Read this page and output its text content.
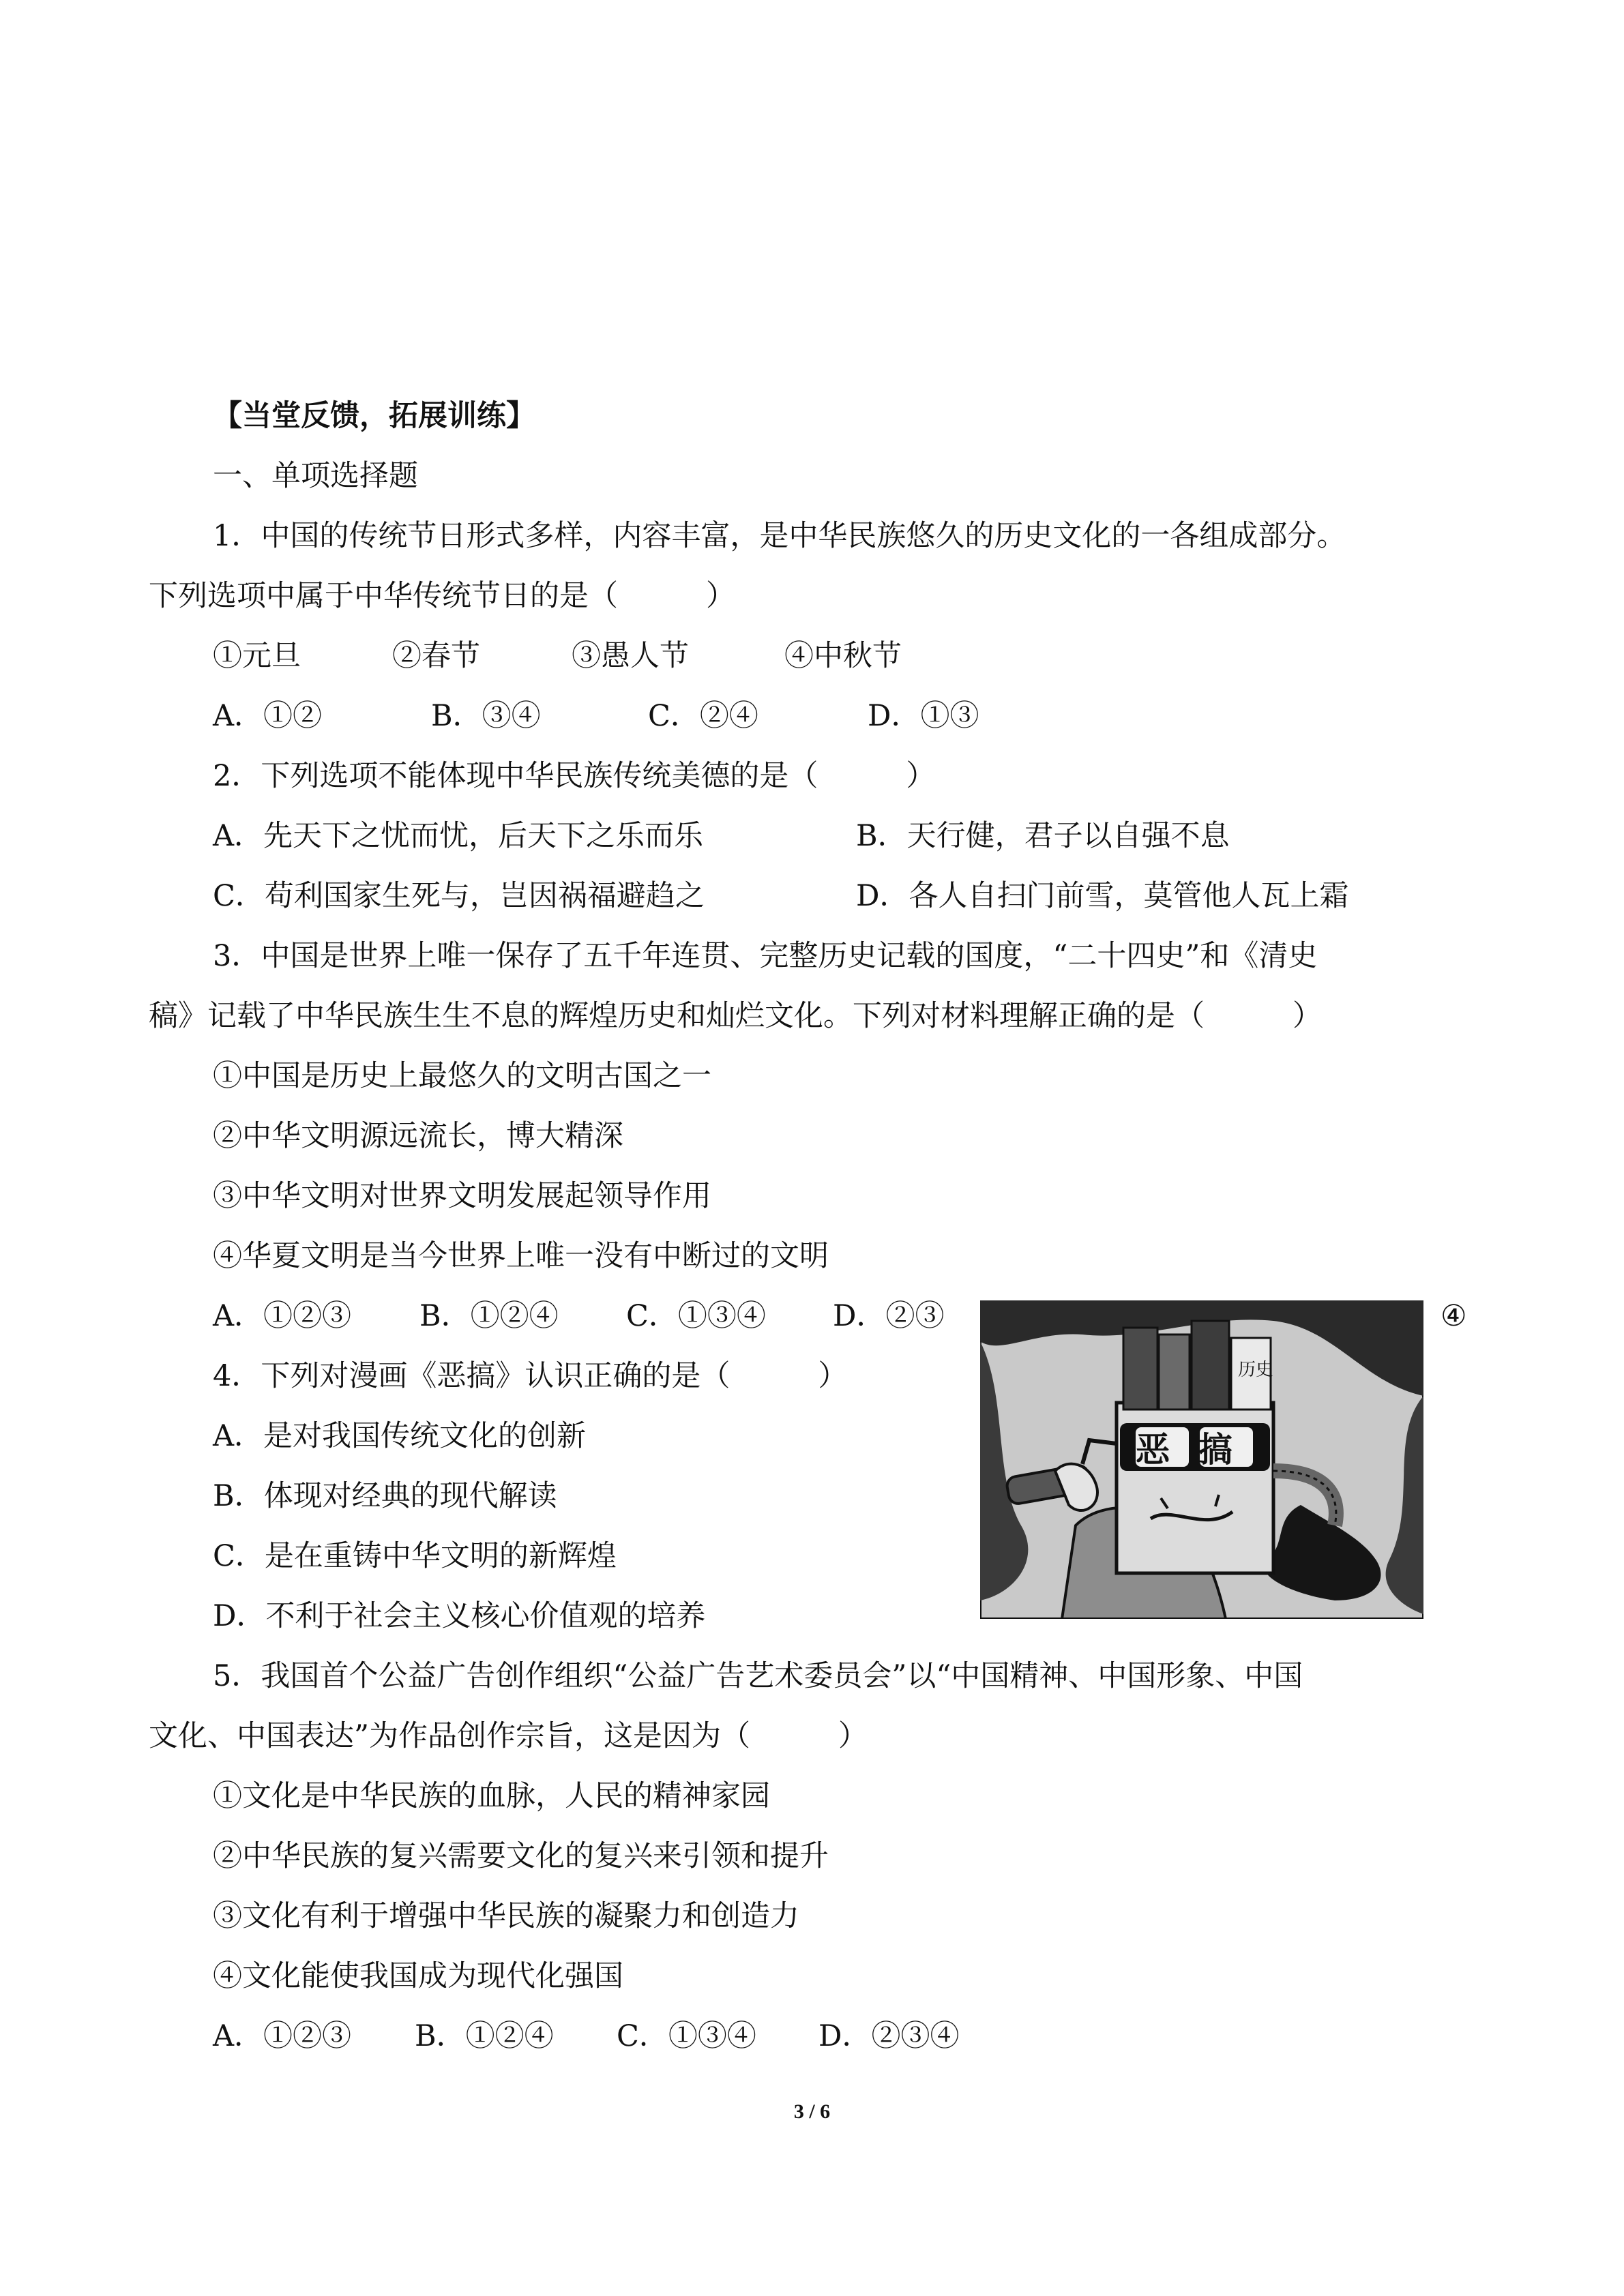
【当堂反馈，拓展训练】
一、单项选择题
1．中国的传统节日形式多样，内容丰富，是中华民族悠久的历史文化的一各组成部分。
下列选项中属于中华传统节日的是（　　　）
①元旦	②春节	③愚人节	④中秋节
A．①②	B．③④	C．②④	D．①③
2．下列选项不能体现中华民族传统美德的是（　　　）
A．先天下之忧而忧，后天下之乐而乐	B．天行健，君子以自强不息
C．苟利国家生死与，岂因祸福避趋之	D．各人自扫门前雪，莫管他人瓦上霜
3．中国是世界上唯一保存了五千年连贯、完整历史记载的国度，“二十四史”和《清史
稿》记载了中华民族生生不息的辉煌历史和灿烂文化。下列对材料理解正确的是（　　　）
①中国是历史上最悠久的文明古国之一
②中华文明源远流长，博大精深
③中华文明对世界文明发展起领导作用
④华夏文明是当今世界上唯一没有中断过的文明
A．①②③ B．①②④ C．①③④ D．②③	④
4．下列对漫画《恶搞》认识正确的是（　　　）
A．是对我国传统文化的创新
B．体现对经典的现代解读
C．是在重铸中华文明的新辉煌
D．不利于社会主义核心价值观的培养
历史
恶搞
5．我国首个公益广告创作组织“公益广告艺术委员会”以“中国精神、中国形象、中国
文化、中国表达”为作品创作宗旨，这是因为（　　　）
①文化是中华民族的血脉，人民的精神家园
②中华民族的复兴需要文化的复兴来引领和提升
③文化有利于增强中华民族的凝聚力和创造力
④文化能使我国成为现代化强国
A．①②③ B．①②④ C．①③④ D．②③④
3 / 6
